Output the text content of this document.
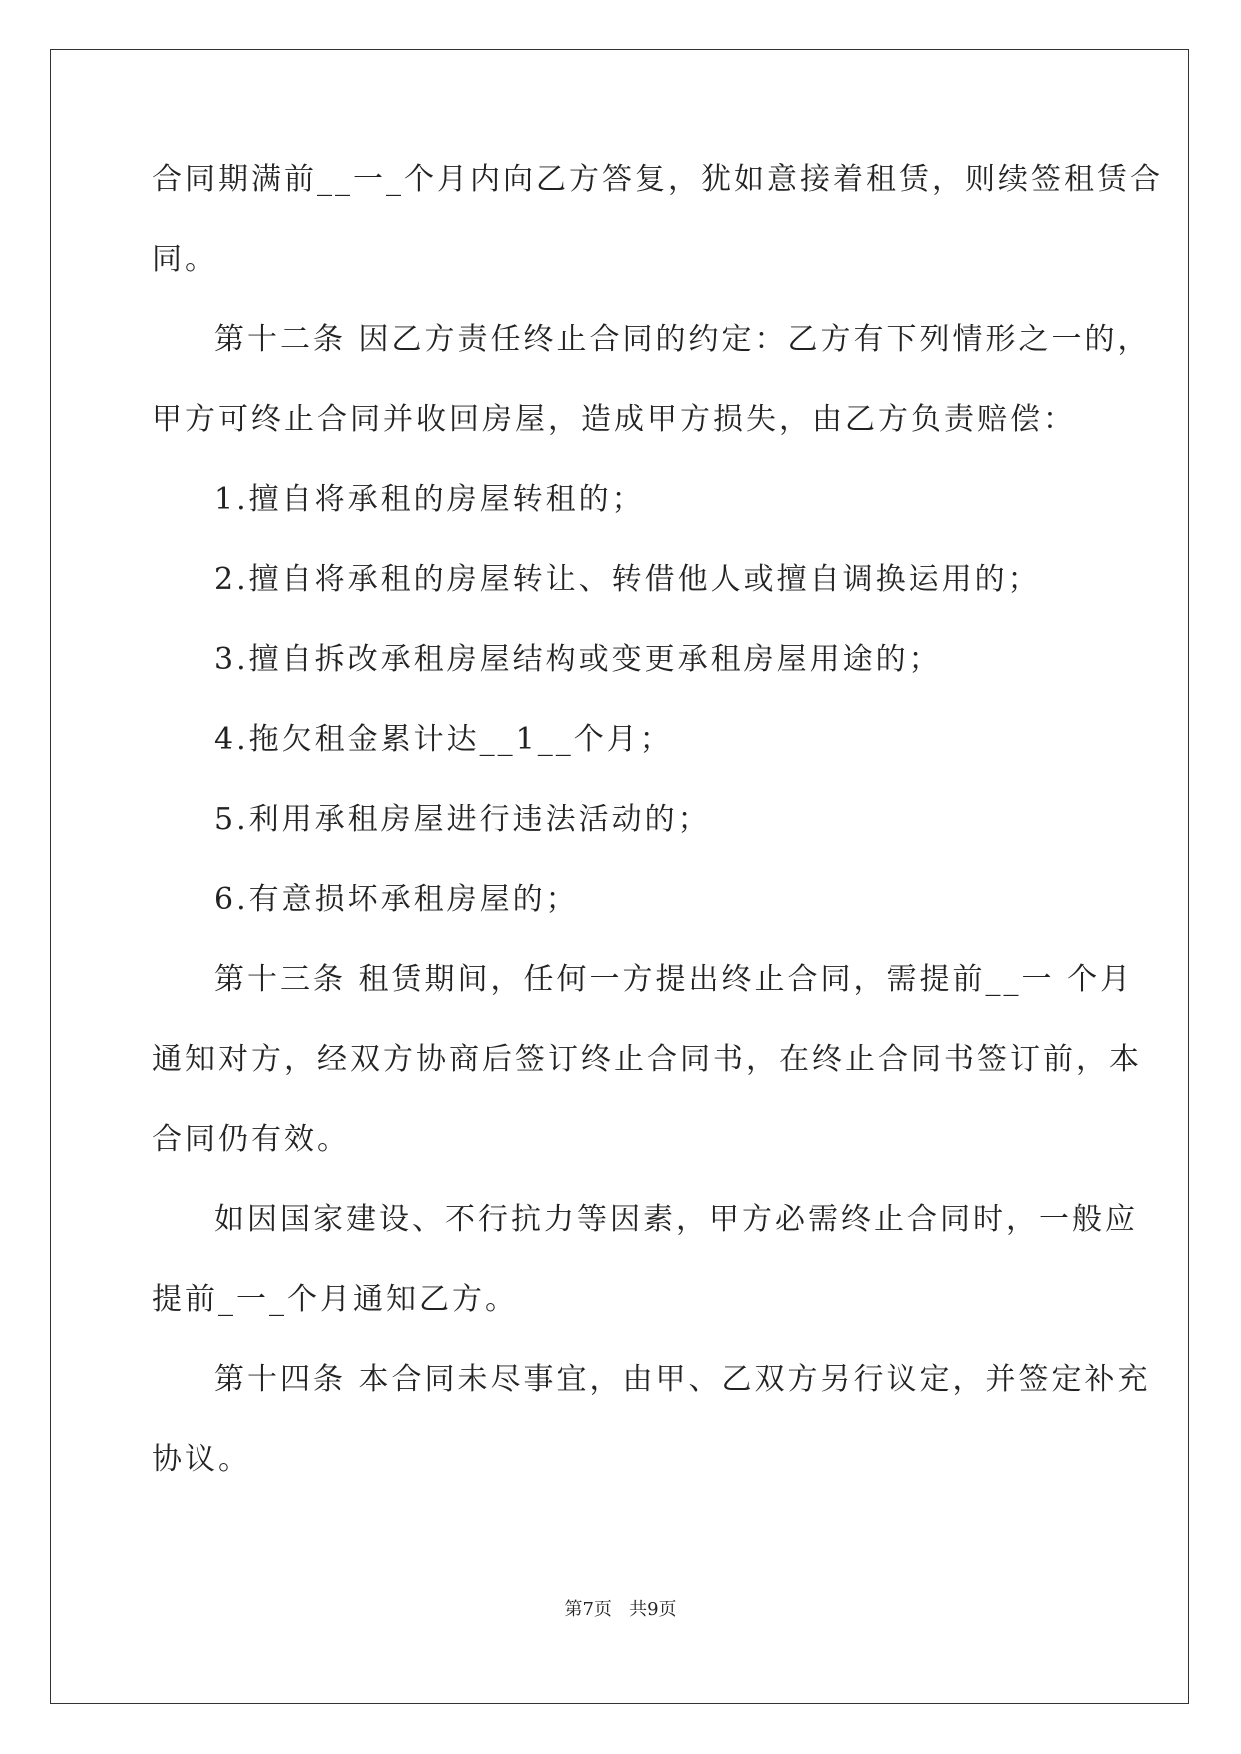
合同期满前__一_个月内向乙方答复，犹如意接着租赁，则续签租赁合
同。
第十二条 因乙方责任终止合同的约定：乙方有下列情形之一的，
甲方可终止合同并收回房屋，造成甲方损失，由乙方负责赔偿：
1.擅自将承租的房屋转租的；
2.擅自将承租的房屋转让、转借他人或擅自调换运用的；
3.擅自拆改承租房屋结构或变更承租房屋用途的；
4.拖欠租金累计达__1__个月；
5.利用承租房屋进行违法活动的；
6.有意损坏承租房屋的；
第十三条 租赁期间，任何一方提出终止合同，需提前__一 个月
通知对方，经双方协商后签订终止合同书，在终止合同书签订前，本
合同仍有效。
如因国家建设、不行抗力等因素，甲方必需终止合同时，一般应
提前_一_个月通知乙方。
第十四条 本合同未尽事宜，由甲、乙双方另行议定，并签定补充
协议。
第7页 共9页
